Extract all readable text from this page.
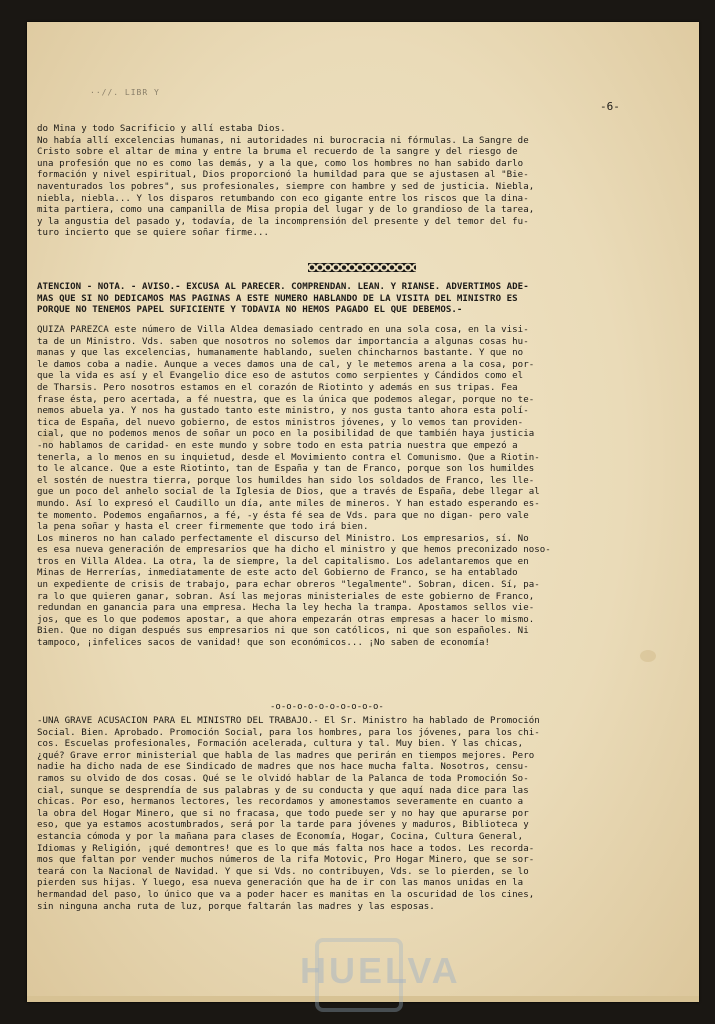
··//. LIBR Y
-6-
do Mina y todo Sacrificio y allí estaba Dios.
No había allí excelencias humanas, ni autoridades ni burocracia ni fórmulas. La Sangre de
Cristo sobre el altar de mina y entre la bruma el recuerdo de la sangre y del riesgo de
una profesión que no es como las demás, y a la que, como los hombres no han sabido darlo
formación y nivel espiritual, Dios proporcionó la humildad para que se ajustasen al "Bie-
naventurados los pobres", sus profesionales, siempre con hambre y sed de justicia. Niebla,
niebla, niebla... Y los disparos retumbando con eco gigante entre los riscos que la dina-
mita partiera, como una campanilla de Misa propia del lugar y de lo grandioso de la tarea,
y la angustia del pasado y, todavía, de la incomprensión del presente y del temor del fu-
turo incierto que se quiere soñar firme...

ATENCION - NOTA. - AVISO.- EXCUSA AL PARECER. COMPRENDAN. LEAN. Y RIANSE. ADVERTIMOS ADE-
MAS QUE SI NO DEDICAMOS MAS PAGINAS A ESTE NUMERO HABLANDO DE LA VISITA DEL MINISTRO ES
PORQUE NO TENEMOS PAPEL SUFICIENTE Y TODAVIA NO HEMOS PAGADO EL QUE DEBEMOS.-

QUIZA PAREZCA este número de Villa Aldea demasiado centrado en una sola cosa, en la visi-
ta de un Ministro. Vds. saben que nosotros no solemos dar importancia a algunas cosas hu-
manas y que las excelencias, humanamente hablando, suelen chincharnos bastante. Y que no
le damos coba a nadie. Aunque a veces damos una de cal, y le metemos arena a la cosa, por-
que la vida es así y el Evangelio dice eso de astutos como serpientes y Cándidos como el
de Tharsis. Pero nosotros estamos en el corazón de Riotinto y además en sus tripas. Fea
frase ésta, pero acertada, a fé nuestra, que es la única que podemos alegar, porque no te-
nemos abuela ya. Y nos ha gustado tanto este ministro, y nos gusta tanto ahora esta polí-
tica de España, del nuevo gobierno, de estos ministros jóvenes, y lo vemos tan providen-
cial, que no podemos menos de soñar un poco en la posibilidad de que también haya justicia
-no hablamos de caridad- en este mundo y sobre todo en esta patria nuestra que empezó a
tenerla, a lo menos en su inquietud, desde el Movimiento contra el Comunismo. Que a Riotin-
to le alcance. Que a este Riotinto, tan de España y tan de Franco, porque son los humildes
el sostén de nuestra tierra, porque los humildes han sido los soldados de Franco, les lle-
gue un poco del anhelo social de la Iglesia de Dios, que a través de España, debe llegar al
mundo. Así lo expresó el Caudillo un día, ante miles de mineros. Y han estado esperando es-
te momento. Podemos engañarnos, a fé, -y ésta fé sea de Vds. para que no digan- pero vale
la pena soñar y hasta el creer firmemente que todo irá bien.
Los mineros no han calado perfectamente el discurso del Ministro. Los empresarios, sí. No
es esa nueva generación de empresarios que ha dicho el ministro y que hemos preconizado noso-
tros en Villa Aldea. La otra, la de siempre, la del capitalismo. Los adelantaremos que en
Minas de Herrerías, inmediatamente de este acto del Gobierno de Franco, se ha entablado
un expediente de crisis de trabajo, para echar obreros "legalmente". Sobran, dicen. Sí, pa-
ra lo que quieren ganar, sobran. Así las mejoras ministeriales de este gobierno de Franco,
redundan en ganancia para una empresa. Hecha la ley hecha la trampa. Apostamos sellos vie-
jos, que es lo que podemos apostar, a que ahora empezarán otras empresas a hacer lo mismo.
Bien. Que no digan después sus empresarios ni que son católicos, ni que son españoles. Ni
tampoco, ¡infelices sacos de vanidad! que son económicos... ¡No saben de economía!

-o-o-o-o-o-o-o-o-o-o-
-UNA GRAVE ACUSACION PARA EL MINISTRO DEL TRABAJO.- El Sr. Ministro ha hablado de Promoción
Social. Bien. Aprobado. Promoción Social, para los hombres, para los jóvenes, para los chi-
cos. Escuelas profesionales, Formación acelerada, cultura y tal. Muy bien. Y las chicas,
¿qué? Grave error ministerial que habla de las madres que perirán en tiempos mejores. Pero
nadie ha dicho nada de ese Sindicado de madres que nos hace mucha falta. Nosotros, censu-
ramos su olvido de dos cosas. Qué se le olvidó hablar de la Palanca de toda Promoción So-
cial, sunque se desprendía de sus palabras y de su conducta y que aquí nada dice para las
chicas. Por eso, hermanos lectores, les recordamos y amonestamos severamente en cuanto a
la obra del Hogar Minero, que si no fracasa, que todo puede ser y no hay que apurarse por
eso, que ya estamos acostumbrados, será por la tarde para jóvenes y maduros, Biblioteca y
estancia cómoda y por la mañana para clases de Economía, Hogar, Cocina, Cultura General,
Idiomas y Religión, ¡qué demontres! que es lo que más falta nos hace a todos. Les recorda-
mos que faltan por vender muchos números de la rifa Motovic, Pro Hogar Minero, que se sor-
teará con la Nacional de Navidad. Y que si Vds. no contribuyen, Vds. se lo pierden, se lo
pierden sus hijas. Y luego, esa nueva generación que ha de ir con las manos unidas en la
hermandad del paso, lo único que va a poder hacer es manitas en la oscuridad de los cines,
sin ninguna ancha ruta de luz, porque faltarán las madres y las esposas.

HUELVA
